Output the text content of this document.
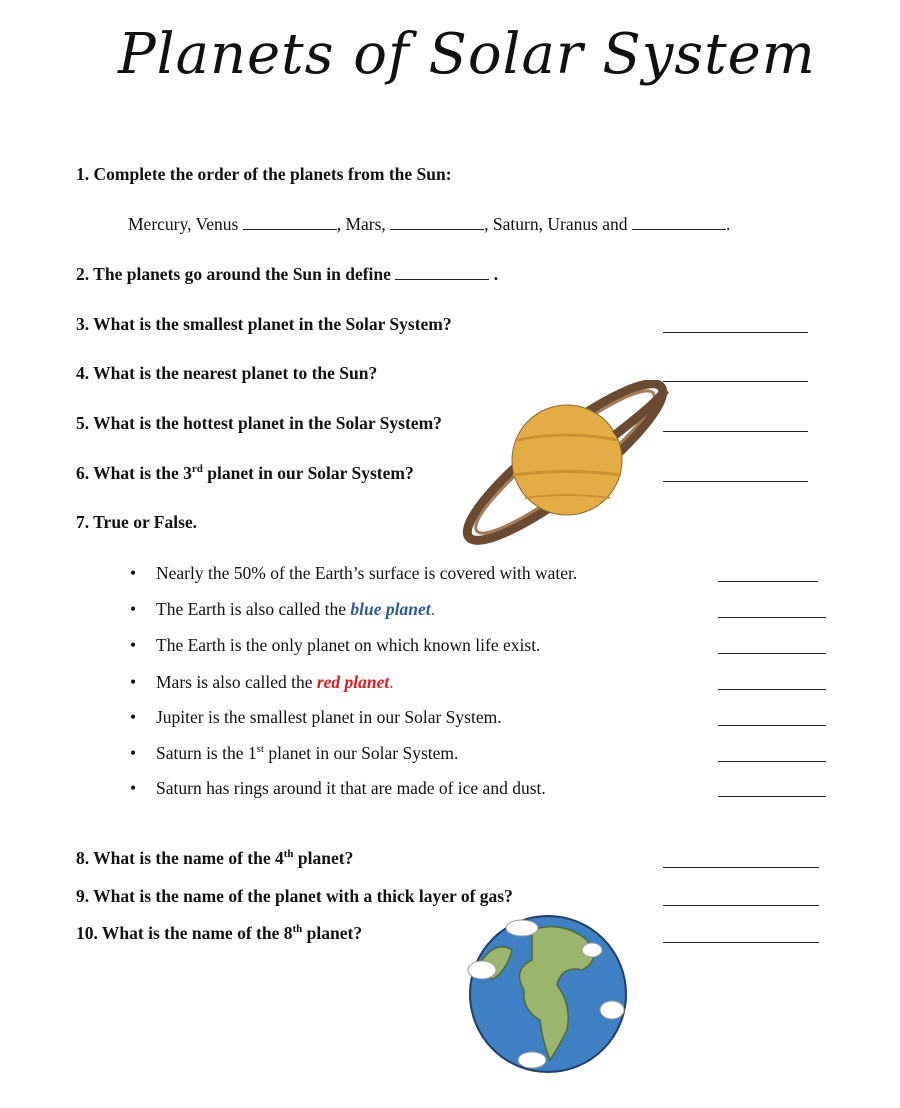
Planets of Solar System
1. Complete the order of the planets from the Sun:
Mercury, Venus	, Mars,	, Saturn, Uranus and	.
2. The planets go around the Sun in define	.
3. What is the smallest planet in the Solar System?
4. What is the nearest planet to the Sun?
5. What is the hottest planet in the Solar System?
6. What is the 3rd planet in our Solar System?
7. True or False.
• Nearly the 50% of the Earth’s surface is covered with water.
• The Earth is also called the blue planet.
• The Earth is the only planet on which known life exist.
• Mars is also called the red planet.
• Jupiter is the smallest planet in our Solar System.
• Saturn is the 1st planet in our Solar System.
• Saturn has rings around it that are made of ice and dust.
8. What is the name of the 4th planet?
9. What is the name of the planet with a thick layer of gas?
10. What is the name of the 8th planet?
